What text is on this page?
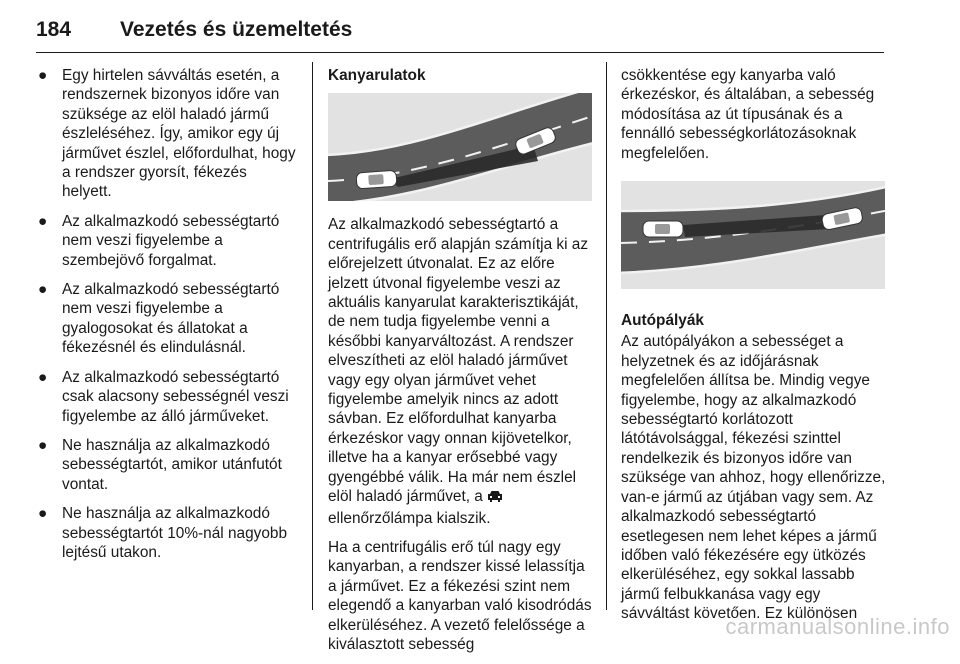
184 Vezetés és üzemeltetés
● Egy hirtelen sávváltás esetén, a rendszernek bizonyos időre van szüksége az elöl haladó jármű észleléséhez. Így, amikor egy új járművet észlel, előfordulhat, hogy a rendszer gyorsít, fékezés helyett.
● Az alkalmazkodó sebességtartó nem veszi figyelembe a szembejövő forgalmat.
● Az alkalmazkodó sebességtartó nem veszi figyelembe a gyalogosokat és állatokat a fékezésnél és elindulásnál.
● Az alkalmazkodó sebességtartó csak alacsony sebességnél veszi figyelembe az álló járműveket.
● Ne használja az alkalmazkodó sebességtartót, amikor utánfutót vontat.
● Ne használja az alkalmazkodó sebességtartót 10%-nál nagyobb lejtésű utakon.
Kanyarulatok

Az alkalmazkodó sebességtartó a centrifugális erő alapján számítja ki az előrejelzett útvonalat. Ez az előre jelzett útvonal figyelembe veszi az aktuális kanyarulat karakterisztikáját, de nem tudja figyelembe venni a későbbi kanyarváltozást. A rendszer elveszítheti az elöl haladó járművet vagy egy olyan járművet vehet figyelembe amelyik nincs az adott sávban. Ez előfordulhat kanyarba érkezéskor vagy onnan kijövetelkor, illetve ha a kanyar erősebbé vagy gyengébbé válik. Ha már nem észlel elöl haladó járművet, a
ellenőrzőlámpa kialszik.

Ha a centrifugális erő túl nagy egy kanyarban, a rendszer kissé lelassítja a járművet. Ez a fékezési szint nem elegendő a kanyarban való kisodródás elkerüléséhez. A vezető felelőssége a kiválasztott sebesség

csökkentése egy kanyarba való érkezéskor, és általában, a sebesség módosítása az út típusának és a fennálló sebességkorlátozásoknak megfelelően.

Autópályák

Az autópályákon a sebességet a helyzetnek és az időjárásnak megfelelően állítsa be. Mindig vegye figyelembe, hogy az alkalmazkodó sebességtartó korlátozott látótávolsággal, fékezési szinttel rendelkezik és bizonyos időre van szüksége van ahhoz, hogy ellenőrizze, van-e jármű az útjában vagy sem. Az alkalmazkodó sebességtartó esetlegesen nem lehet képes a jármű időben való fékezésére egy ütközés elkerüléséhez, egy sokkal lassabb jármű felbukkanása vagy egy sávváltást követően. Ez különösen

carmanualsonline.info
